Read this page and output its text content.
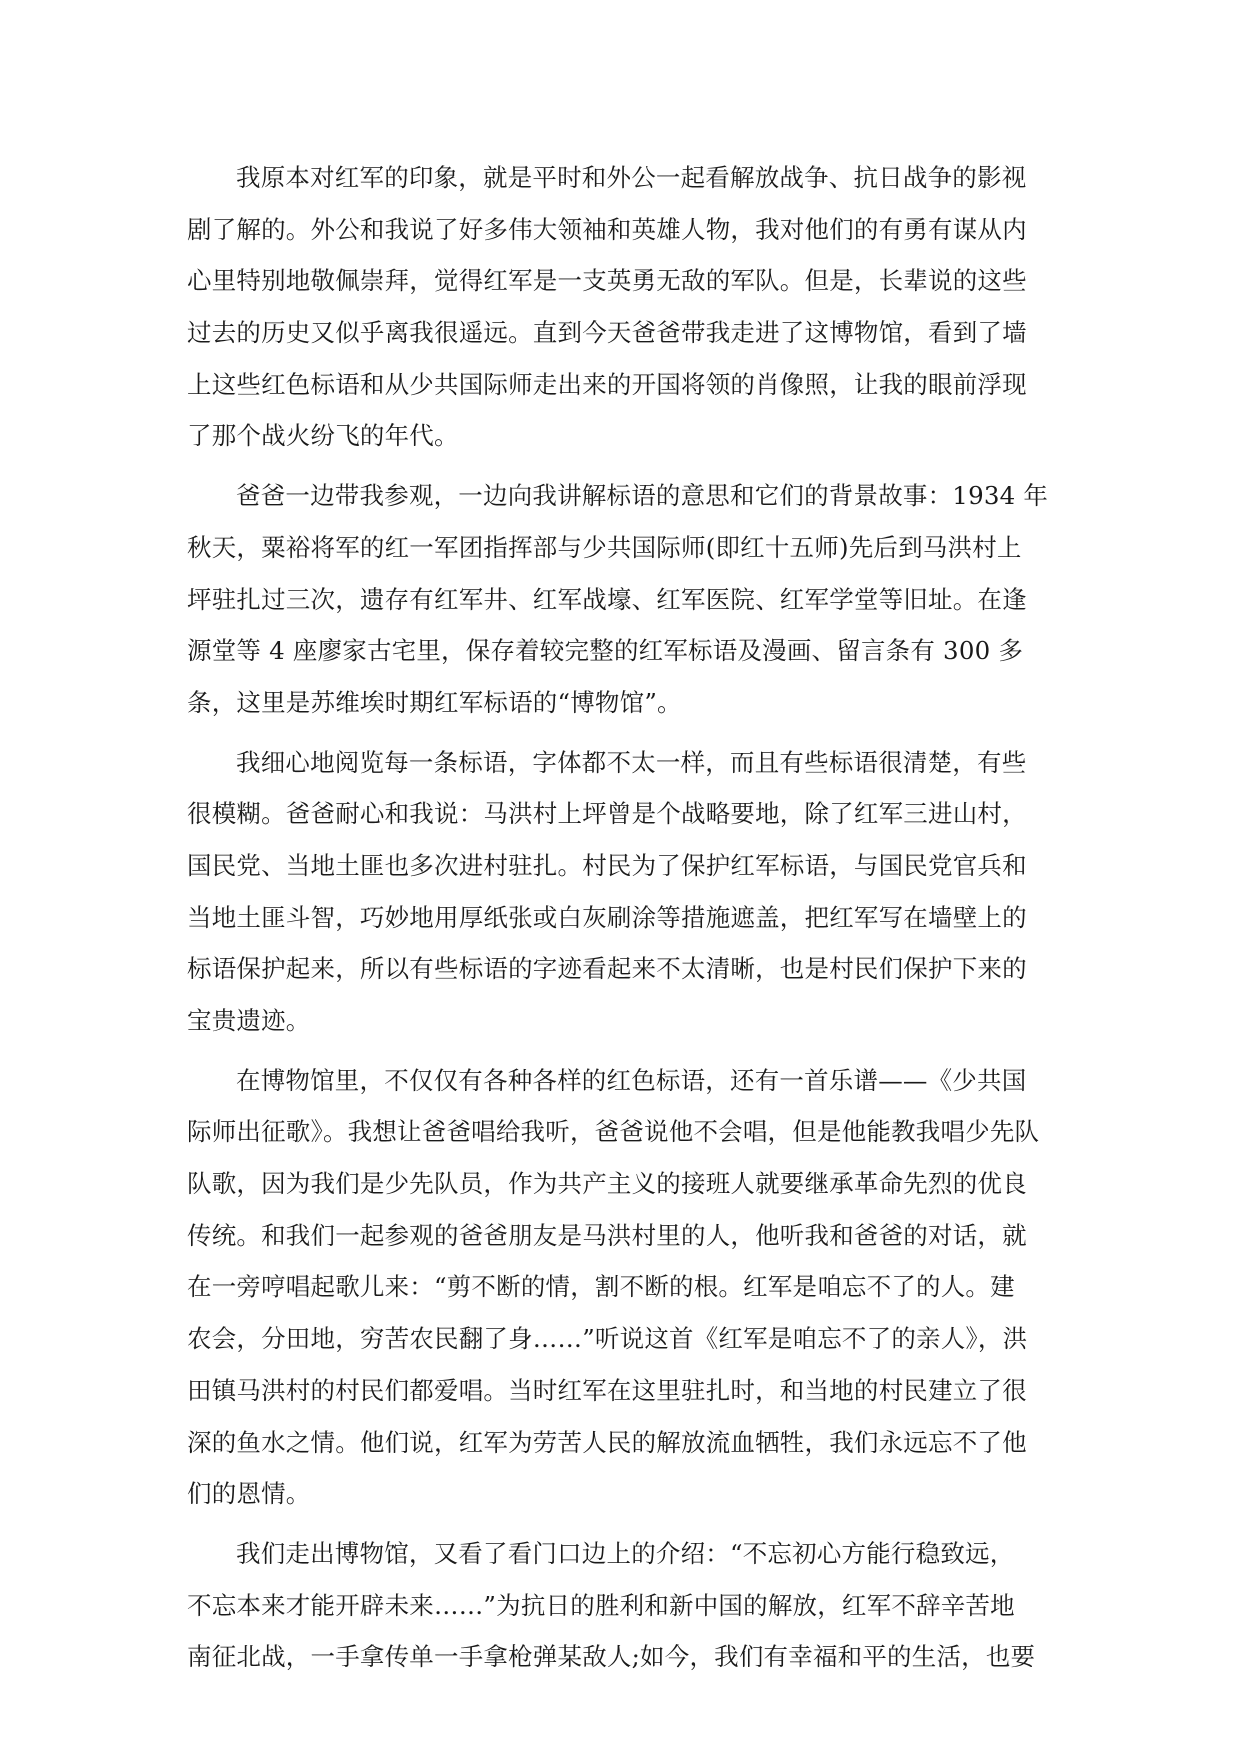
我原本对红军的印象，就是平时和外公一起看解放战争、抗日战争的影视
剧了解的。外公和我说了好多伟大领袖和英雄人物，我对他们的有勇有谋从内
心里特别地敬佩崇拜，觉得红军是一支英勇无敌的军队。但是，长辈说的这些
过去的历史又似乎离我很遥远。直到今天爸爸带我走进了这博物馆，看到了墙
上这些红色标语和从少共国际师走出来的开国将领的肖像照，让我的眼前浮现
了那个战火纷飞的年代。
爸爸一边带我参观，一边向我讲解标语的意思和它们的背景故事：1934 年
秋天，粟裕将军的红一军团指挥部与少共国际师(即红十五师)先后到马洪村上
坪驻扎过三次，遗存有红军井、红军战壕、红军医院、红军学堂等旧址。在逢
源堂等 4 座廖家古宅里，保存着较完整的红军标语及漫画、留言条有 300 多
条，这里是苏维埃时期红军标语的“博物馆”。
我细心地阅览每一条标语，字体都不太一样，而且有些标语很清楚，有些
很模糊。爸爸耐心和我说：马洪村上坪曾是个战略要地，除了红军三进山村，
国民党、当地土匪也多次进村驻扎。村民为了保护红军标语，与国民党官兵和
当地土匪斗智，巧妙地用厚纸张或白灰刷涂等措施遮盖，把红军写在墙壁上的
标语保护起来，所以有些标语的字迹看起来不太清晰，也是村民们保护下来的
宝贵遗迹。
在博物馆里，不仅仅有各种各样的红色标语，还有一首乐谱——《少共国
际师出征歌》。我想让爸爸唱给我听，爸爸说他不会唱，但是他能教我唱少先队
队歌，因为我们是少先队员，作为共产主义的接班人就要继承革命先烈的优良
传统。和我们一起参观的爸爸朋友是马洪村里的人，他听我和爸爸的对话，就
在一旁哼唱起歌儿来：“剪不断的情，割不断的根。红军是咱忘不了的人。建
农会，分田地，穷苦农民翻了身……”听说这首《红军是咱忘不了的亲人》，洪
田镇马洪村的村民们都爱唱。当时红军在这里驻扎时，和当地的村民建立了很
深的鱼水之情。他们说，红军为劳苦人民的解放流血牺牲，我们永远忘不了他
们的恩情。
我们走出博物馆，又看了看门口边上的介绍：“不忘初心方能行稳致远，
不忘本来才能开辟未来……”为抗日的胜利和新中国的解放，红军不辞辛苦地
南征北战，一手拿传单一手拿枪弹某敌人;如今，我们有幸福和平的生活，也要
